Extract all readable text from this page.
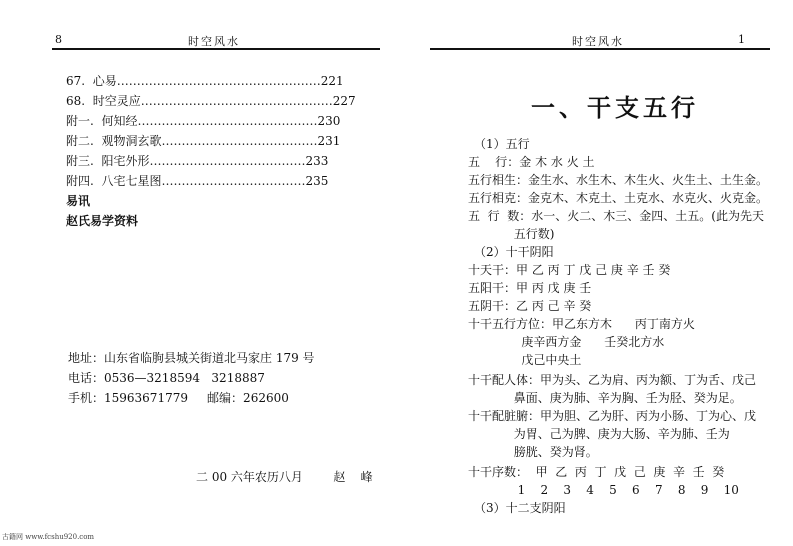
8	时空风水
67.  心易……………………………………………221
68.  时空灵应…………………………………………227
附一.  何知经………………………………………230
附二.  观物洞玄歌…………………………………231
附三.  阳宅外形…………………………………233
附四.  八宅七星图………………………………235
易讯
赵氏易学资料
地址：山东省临朐县城关街道北马家庄 179 号
电话：0536—3218594   3218887
手机：15963671779     邮编：262600
二 00 六年农历八月        赵    峰
时空风水	1
一、干支五行
（1）五行
五    行：金 木 水 火 土
五行相生：金生水、水生木、木生火、火生土、土生金。
五行相克：金克木、木克土、土克水、水克火、火克金。
五  行  数：水一、火二、木三、金四、土五。(此为先天
五行数)
（2）十干阴阳
十天干：甲 乙 丙 丁 戊 己 庚 辛 壬 癸
五阳干：甲 丙 戊 庚 壬
五阴干：乙 丙 己 辛 癸
十干五行方位：甲乙东方木      丙丁南方火
庚辛西方金      壬癸北方水
戊己中央土
十干配人体：甲为头、乙为肩、丙为额、丁为舌、戊己
鼻面、庚为肺、辛为胸、壬为胫、癸为足。
十干配脏腑：甲为胆、乙为肝、丙为小肠、丁为心、戊
为胃、己为脾、庚为大肠、辛为肺、壬为
膀胱、癸为肾。
十干序数：  甲  乙  丙  丁  戊  己  庚  辛  壬  癸
1    2    3    4    5    6    7    8    9    10
（3）十二支阴阳
古籍网 www.fcshu920.com
